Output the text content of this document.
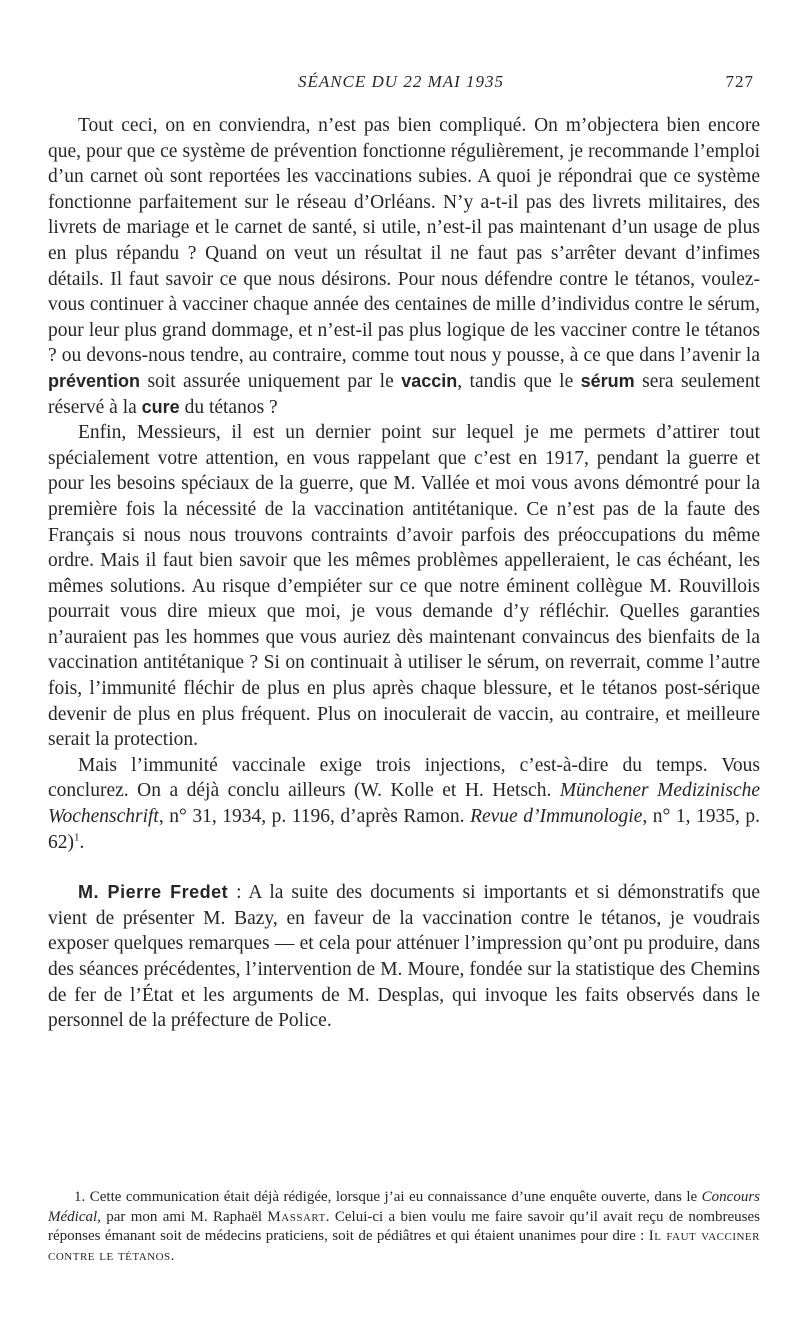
SÉANCE DU 22 MAI 1935	727

Tout ceci, on en conviendra, n’est pas bien compliqué. On m’objectera bien encore que, pour que ce système de prévention fonctionne régulièrement, je recommande l’emploi d’un carnet où sont reportées les vaccinations subies. A quoi je répondrai que ce système fonctionne parfaitement sur le réseau d’Orléans. N’y a-t-il pas des livrets militaires, des livrets de mariage et le carnet de santé, si utile, n’est-il pas maintenant d’un usage de plus en plus répandu ? Quand on veut un résultat il ne faut pas s’arrêter devant d’infimes détails. Il faut savoir ce que nous désirons. Pour nous défendre contre le tétanos, voulez-vous continuer à vacciner chaque année des centaines de mille d’individus contre le sérum, pour leur plus grand dommage, et n’est-il pas plus logique de les vacciner contre le tétanos ? ou devons-nous tendre, au contraire, comme tout nous y pousse, à ce que dans l’avenir la prévention soit assurée uniquement par le vaccin, tandis que le sérum sera seulement réservé à la cure du tétanos ?

Enfin, Messieurs, il est un dernier point sur lequel je me permets d’attirer tout spécialement votre attention, en vous rappelant que c’est en 1917, pendant la guerre et pour les besoins spéciaux de la guerre, que M. Vallée et moi vous avons démontré pour la première fois la nécessité de la vaccination antitétanique. Ce n’est pas de la faute des Français si nous nous trouvons contraints d’avoir parfois des préoccupations du même ordre. Mais il faut bien savoir que les mêmes problèmes appelleraient, le cas échéant, les mêmes solutions. Au risque d’empiéter sur ce que notre éminent collègue M. Rouvillois pourrait vous dire mieux que moi, je vous demande d’y réfléchir. Quelles garanties n’auraient pas les hommes que vous auriez dès maintenant convaincus des bienfaits de la vaccination antitétanique ? Si on continuait à utiliser le sérum, on reverrait, comme l’autre fois, l’immunité fléchir de plus en plus après chaque blessure, et le tétanos post-sérique devenir de plus en plus fréquent. Plus on inoculerait de vaccin, au contraire, et meilleure serait la protection.

Mais l’immunité vaccinale exige trois injections, c’est-à-dire du temps. Vous conclurez. On a déjà conclu ailleurs (W. Kolle et H. Hetsch. Münchener Medizinische Wochenschrift, n° 31, 1934, p. 1196, d’après Ramon. Revue d’Immunologie, n° 1, 1935, p. 62)$^1$.

M. Pierre Fredet : A la suite des documents si importants et si démonstratifs que vient de présenter M. Bazy, en faveur de la vaccination contre le tétanos, je voudrais exposer quelques remarques — et cela pour atténuer l’impression qu’ont pu produire, dans des séances précédentes, l’intervention de M. Moure, fondée sur la statistique des Chemins de fer de l’État et les arguments de M. Desplas, qui invoque les faits observés dans le personnel de la préfecture de Police.

1. Cette communication était déjà rédigée, lorsque j’ai eu connaissance d’une enquête ouverte, dans le Concours Médical, par mon ami M. Raphaël Massart. Celui-ci a bien voulu me faire savoir qu’il avait reçu de nombreuses réponses émanant soit de médecins praticiens, soit de pédiâtres et qui étaient unanimes pour dire : Il faut vacciner contre le tétanos.
